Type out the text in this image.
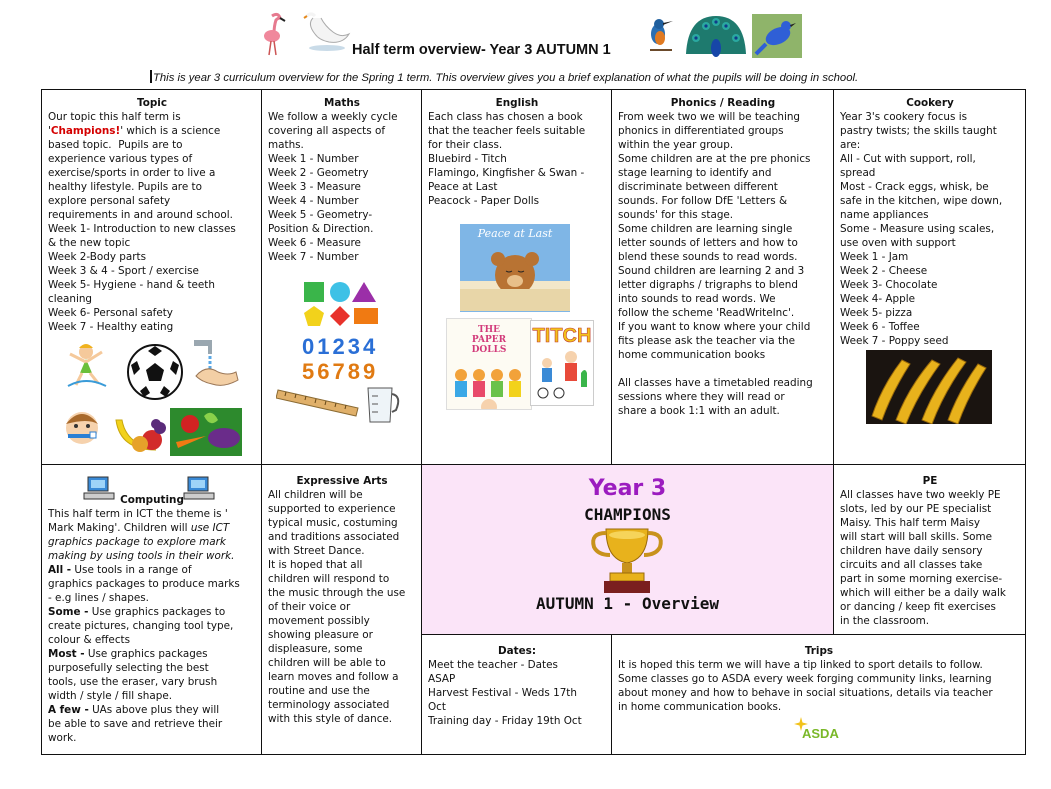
Half term overview- Year 3 AUTUMN 1
This is year 3 curriculum overview for the Spring 1 term. This overview gives you a brief explanation of what the pupils will be doing in school.
Topic

Our topic this half term is

'Champions!' which is a science

based topic. Pupils are to

experience various types of

exercise/sports in order to live a

healthy lifestyle. Pupils are to

explore personal safety

requirements in and around school.

Week 1- Introduction to new classes

& the new topic

Week 2-Body parts

Week 3 & 4 - Sport / exercise

Week 5- Hygiene - hand & teeth

cleaning

Week 6- Personal safety

Week 7 - Healthy eating

Maths

We follow a weekly cycle

covering all aspects of

maths.

Week 1 - Number

Week 2 - Geometry

Week 3 - Measure

Week 4 - Number

Week 5 - Geometry-

Position & Direction.

Week 6 - Measure

Week 7 - Number

01234
56789
English

Each class has chosen a book

that the teacher feels suitable

for their class.

Bluebird - Titch

Flamingo, Kingfisher & Swan -

Peace at Last

Peacock - Paper Dolls

Peace at Last
THE PAPER DOLLS
TITCH
Phonics / Reading

From week two we will be teaching

phonics in differentiated groups

within the year group.

Some children are at the pre phonics

stage learning to identify and

discriminate between different

sounds. For follow DfE 'Letters &

sounds' for this stage.

Some children are learning single

letter sounds of letters and how to

blend these sounds to read words.

Sound children are learning 2 and 3

letter digraphs / trigraphs to blend

into sounds to read words. We

follow the scheme 'ReadWriteInc'.

If you want to know where your child

fits please ask the teacher via the

home communication books

All classes have a timetabled reading

sessions where they will read or

share a book 1:1 with an adult.

Cookery

Year 3's cookery focus is

pastry twists; the skills taught

are:

All - Cut with support, roll,

spread

Most - Crack eggs, whisk, be

safe in the kitchen, wipe down,

name appliances

Some - Measure using scales,

use oven with support

Week 1 - Jam

Week 2 - Cheese

Week 3- Chocolate

Week 4- Apple

Week 5- pizza

Week 6 - Toffee

Week 7 - Poppy seed

Computing

This half term in ICT the theme is '

Mark Making'. Children will use ICT

graphics package to explore mark

making by using tools in their work.

All - Use tools in a range of

graphics packages to produce marks

- e.g lines / shapes.

Some - Use graphics packages to

create pictures, changing tool type,

colour & effects

Most - Use graphics packages

purposefully selecting the best

tools, use the eraser, vary brush

width / style / fill shape.

A few - UAs above plus they will

be able to save and retrieve their

work.

Expressive Arts

All children will be

supported to experience

typical music, costuming

and traditions associated

with Street Dance.

It is hoped that all

children will respond to

the music through the use

of their voice or

movement possibly

showing pleasure or

displeasure, some

children will be able to

learn moves and follow a

routine and use the

terminology associated

with this style of dance.

Year 3
CHAMPIONS
AUTUMN 1 - Overview
PE

All classes have two weekly PE

slots, led by our PE specialist

Maisy. This half term Maisy

will start will ball skills. Some

children have daily sensory

circuits and all classes take

part in some morning exercise-

which will either be a daily walk

or dancing / keep fit exercises

in the classroom.

Dates:

Meet the teacher - Dates

ASAP

Harvest Festival - Weds 17th

Oct

Training day - Friday 19th Oct

Trips

It is hoped this term we will have a tip linked to sport details to follow.

Some classes go to ASDA every week forging community links, learning

about money and how to behave in social situations, details via teacher

in home communication books.

ASDA
